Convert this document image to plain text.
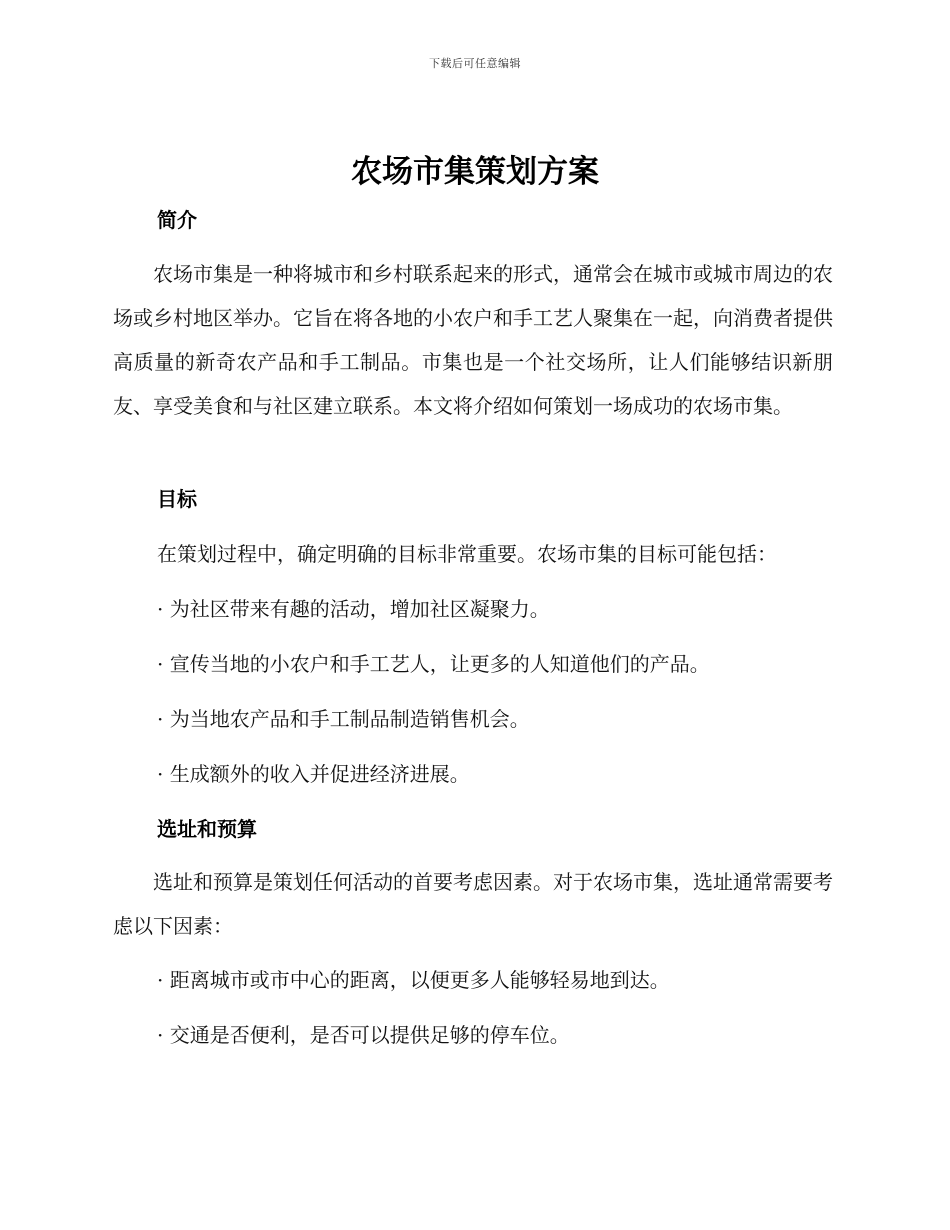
下载后可任意编辑
农场市集策划方案
简介

农场市集是一种将城市和乡村联系起来的形式，通常会在城市或城市周边的农场或乡村地区举办。它旨在将各地的小农户和手工艺人聚集在一起，向消费者提供高质量的新奇农产品和手工制品。市集也是一个社交场所，让人们能够结识新朋友、享受美食和与社区建立联系。本文将介绍如何策划一场成功的农场市集。

目标

在策划过程中，确定明确的目标非常重要。农场市集的目标可能包括：

· 为社区带来有趣的活动，增加社区凝聚力。

· 宣传当地的小农户和手工艺人，让更多的人知道他们的产品。

· 为当地农产品和手工制品制造销售机会。

· 生成额外的收入并促进经济进展。

选址和预算

选址和预算是策划任何活动的首要考虑因素。对于农场市集，选址通常需要考虑以下因素：

· 距离城市或市中心的距离，以便更多人能够轻易地到达。

· 交通是否便利，是否可以提供足够的停车位。
